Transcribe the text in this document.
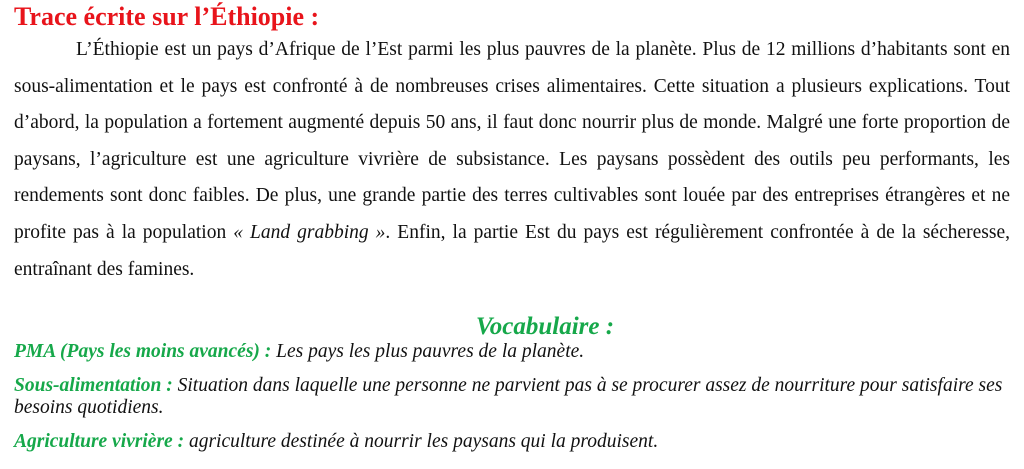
Trace écrite sur l’Éthiopie :

L’Éthiopie est un pays d’Afrique de l’Est parmi les plus pauvres de la planète. Plus de 12 millions d’habitants sont en sous-alimentation et le pays est confronté à de nombreuses crises alimentaires. Cette situation a plusieurs explications. Tout d’abord, la population a fortement augmenté depuis 50 ans, il faut donc nourrir plus de monde. Malgré une forte proportion de paysans, l’agriculture est une agriculture vivrière de subsistance. Les paysans possèdent des outils peu performants, les rendements sont donc faibles. De plus, une grande partie des terres cultivables sont louée par des entreprises étrangères et ne profite pas à la population « Land grabbing ». Enfin, la partie Est du pays est régulièrement confrontée à de la sécheresse, entraînant des famines.

Vocabulaire :
PMA (Pays les moins avancés) : Les pays les plus pauvres de la planète.
Sous-alimentation : Situation dans laquelle une personne ne parvient pas à se procurer assez de nourriture pour satisfaire ses besoins quotidiens.
Agriculture vivrière : agriculture destinée à nourrir les paysans qui la produisent.
